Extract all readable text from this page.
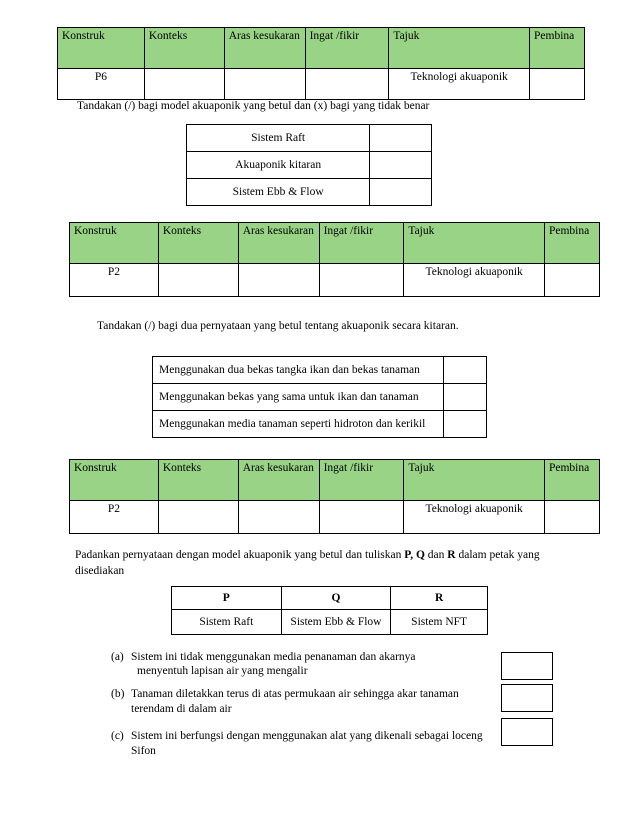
Konstruk	Konteks	Aras kesukaran	Ingat /fikir	Tajuk	Pembina
P6				Teknologi akuaponik	
Tandakan (/) bagi model akuaponik yang betul dan (x) bagi yang tidak benar
Sistem Raft	
Akuaponik kitaran	
Sistem Ebb & Flow	
Konstruk	Konteks	Aras kesukaran	Ingat /fikir	Tajuk	Pembina
P2				Teknologi akuaponik	
Tandakan (/) bagi dua pernyataan yang betul tentang akuaponik secara kitaran.
Menggunakan dua bekas tangka ikan dan bekas tanaman	
Menggunakan bekas yang sama untuk ikan dan tanaman	
Menggunakan media tanaman seperti hidroton dan kerikil	
Konstruk	Konteks	Aras kesukaran	Ingat /fikir	Tajuk	Pembina
P2				Teknologi akuaponik	
Padankan pernyataan dengan model akuaponik yang betul dan tuliskan P, Q dan R dalam petak yang
disediakan
P	Q	R
Sistem Raft	Sistem Ebb & Flow	Sistem NFT
(a) Sistem ini tidak menggunakan media penanaman dan akarnya
menyentuh lapisan air yang mengalir
(b) Tanaman diletakkan terus di atas permukaan air sehingga akar tanaman
terendam di dalam air
(c) Sistem ini berfungsi dengan menggunakan alat yang dikenali sebagai loceng
Sifon
